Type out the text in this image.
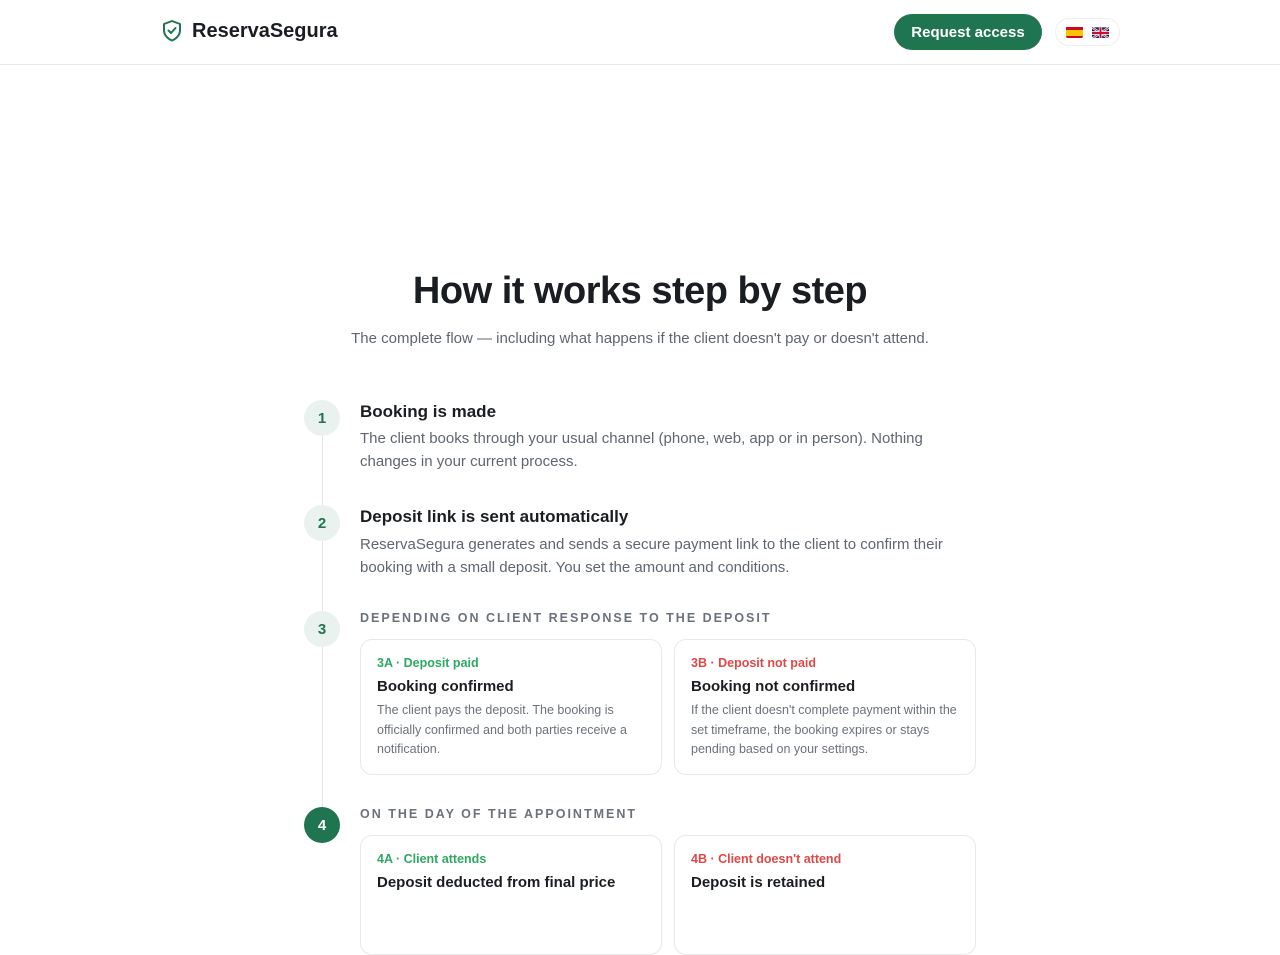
ReservaSegura	Request access
How it works step by step

The complete flow — including what happens if the client doesn't pay or doesn't attend.

1	Booking is made
The client books through your usual channel (phone, web, app or in person). Nothing changes in your current process.
2	Deposit link is sent automatically
ReservaSegura generates and sends a secure payment link to the client to confirm their booking with a small deposit. You set the amount and conditions.
3
DEPENDING ON CLIENT RESPONSE TO THE DEPOSIT
3A · Deposit paid
Booking confirmed
The client pays the deposit. The booking is officially confirmed and both parties receive a notification.
3B · Deposit not paid
Booking not confirmed
If the client doesn't complete payment within the set timeframe, the booking expires or stays pending based on your settings.
4
ON THE DAY OF THE APPOINTMENT
4A · Client attends
Deposit deducted from final price
4B · Client doesn't attend
Deposit is retained
